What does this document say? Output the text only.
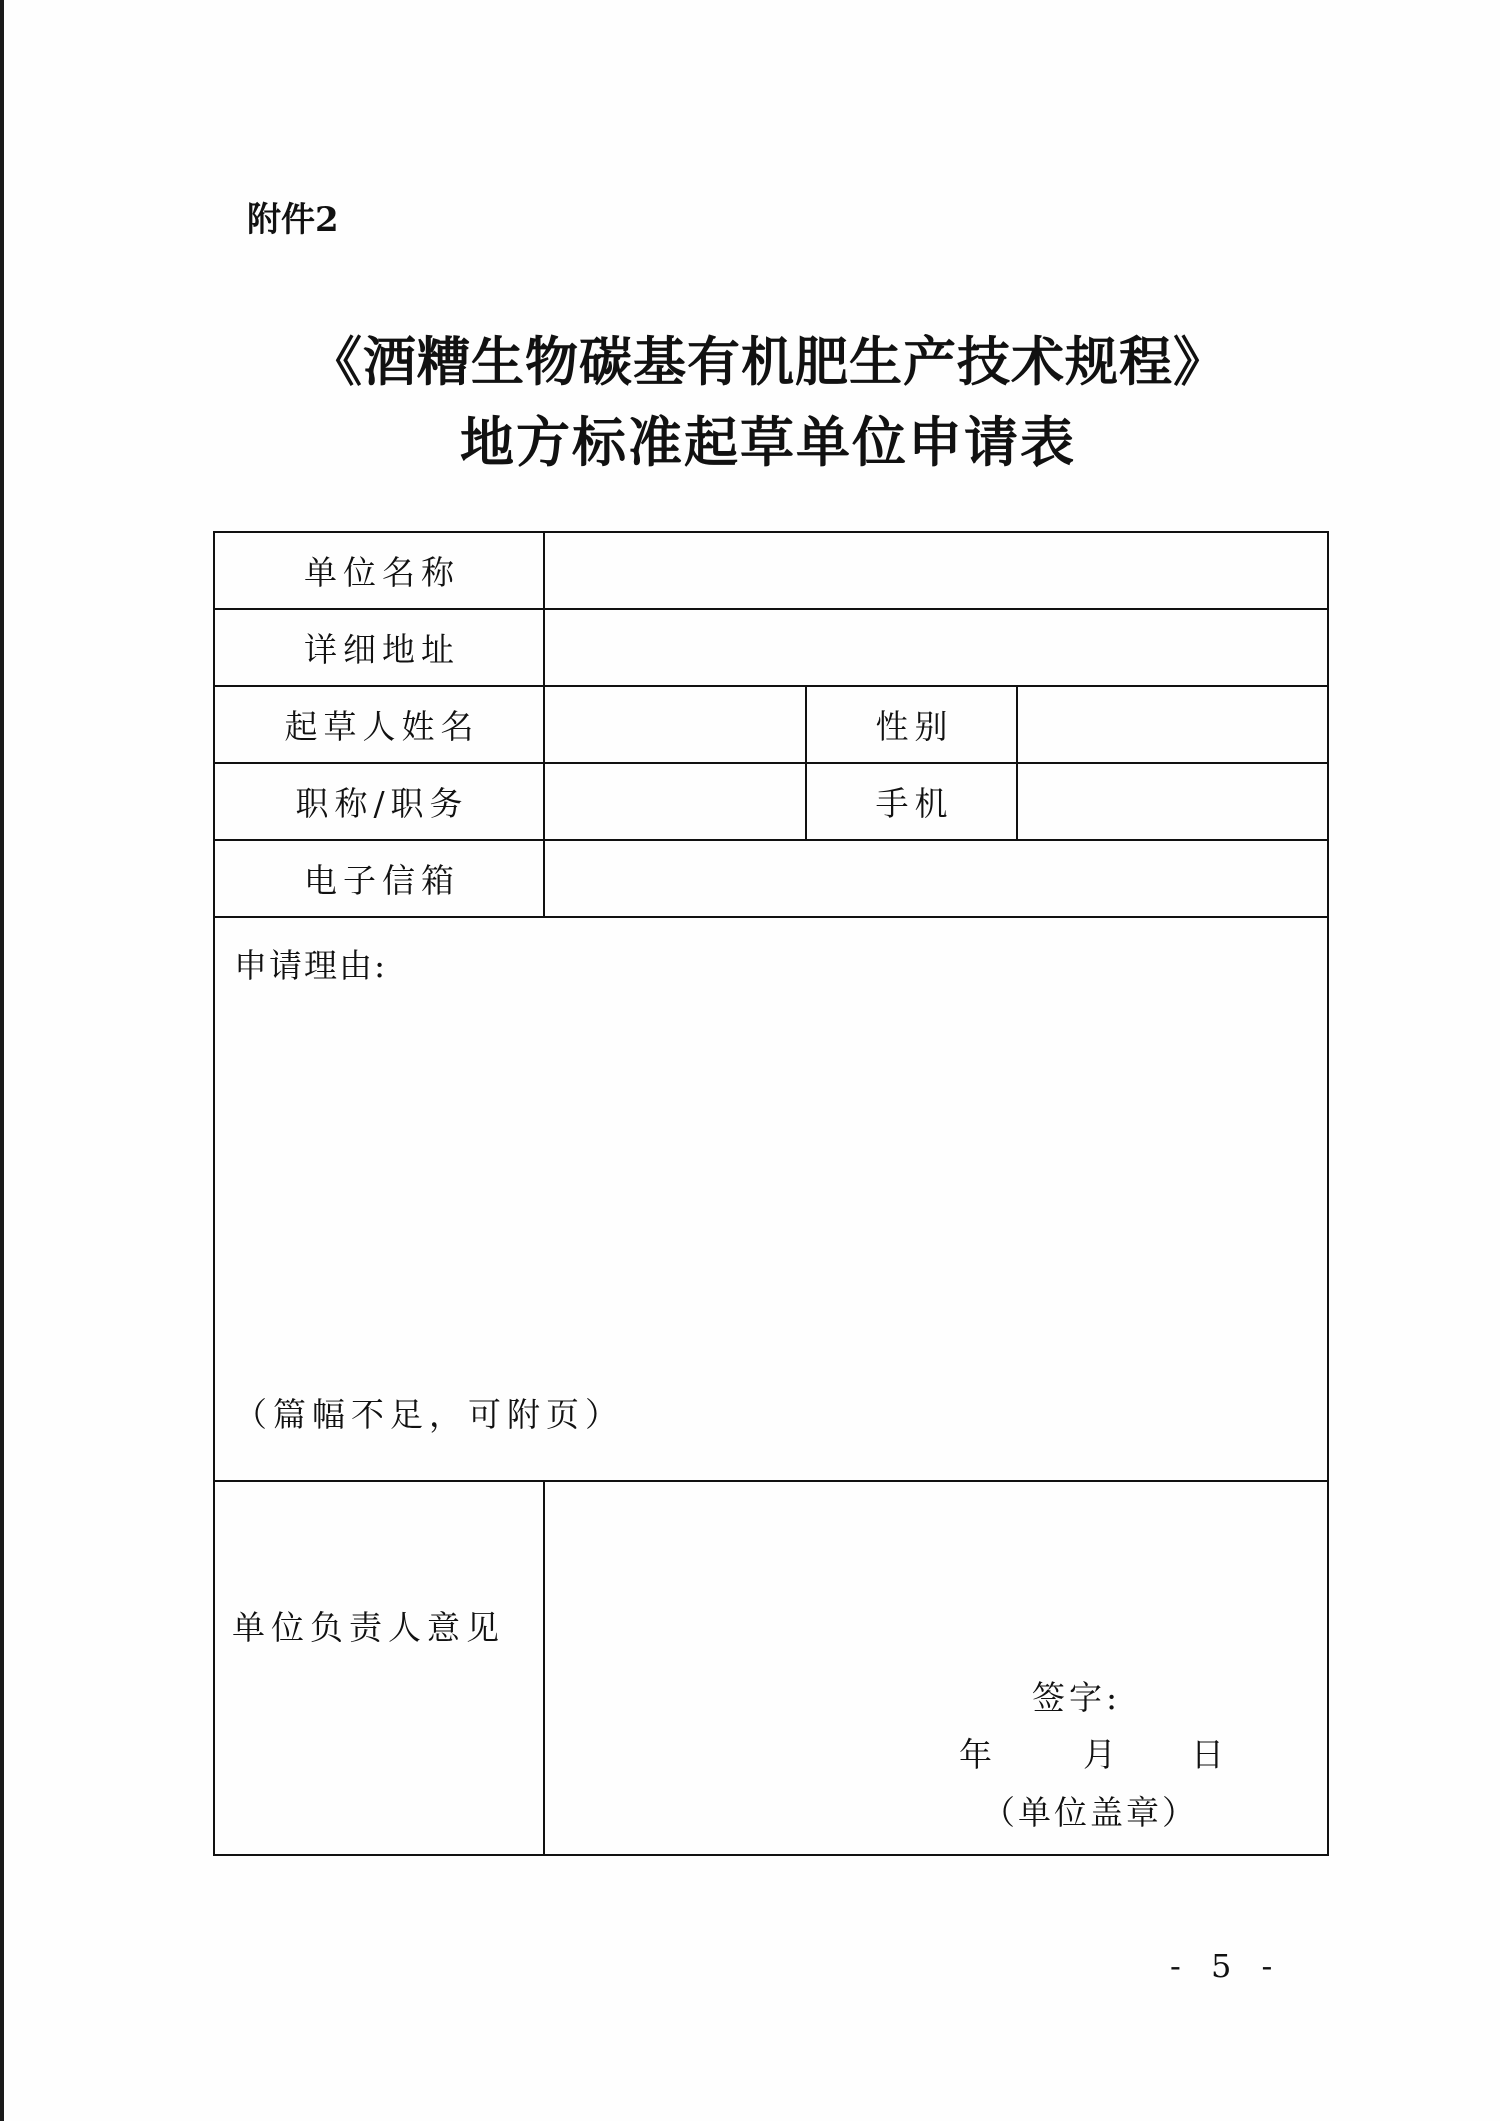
附件2
《酒糟生物碳基有机肥生产技术规程》
地方标准起草单位申请表
单位名称			
详细地址			
起草人姓名		性别	
职称/职务		手机	
电子信箱			

申请理由:
（篇幅不足，可附页）			

单位负责人意见	签字:
年 月 日
（单位盖章）		
- 5 -
